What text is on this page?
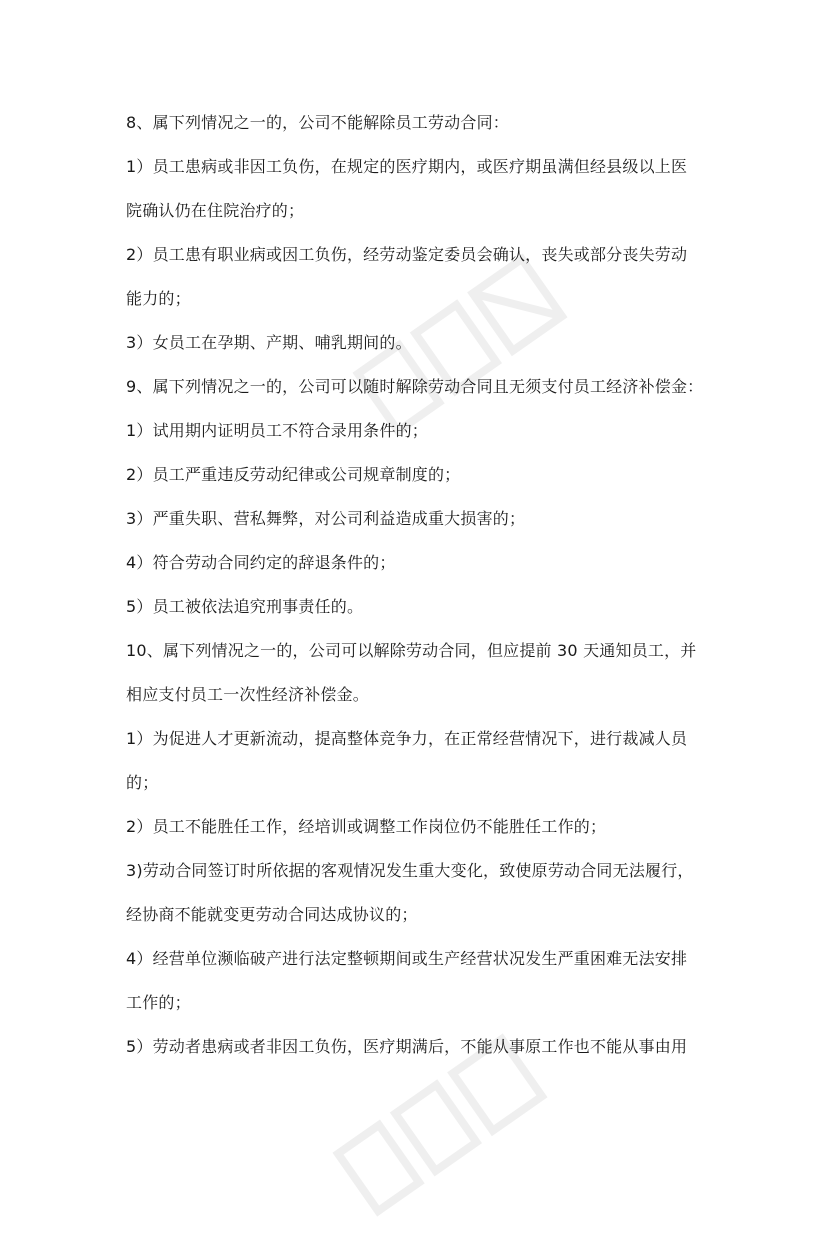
8、属下列情况之一的，公司不能解除员工劳动合同：
1）员工患病或非因工负伤，在规定的医疗期内，或医疗期虽满但经县级以上医
院确认仍在住院治疗的；
2）员工患有职业病或因工负伤，经劳动鉴定委员会确认，丧失或部分丧失劳动
能力的；
3）女员工在孕期、产期、哺乳期间的。
9、属下列情况之一的，公司可以随时解除劳动合同且无须支付员工经济补偿金：
1）试用期内证明员工不符合录用条件的；
2）员工严重违反劳动纪律或公司规章制度的；
3）严重失职、营私舞弊，对公司利益造成重大损害的；
4）符合劳动合同约定的辞退条件的；
5）员工被依法追究刑事责任的。
10、属下列情况之一的，公司可以解除劳动合同，但应提前 30 天通知员工，并
相应支付员工一次性经济补偿金。
1）为促进人才更新流动，提高整体竞争力，在正常经营情况下，进行裁减人员
的；
2）员工不能胜任工作，经培训或调整工作岗位仍不能胜任工作的；
3)劳动合同签订时所依据的客观情况发生重大变化，致使原劳动合同无法履行，
经协商不能就变更劳动合同达成协议的；
4）经营单位濒临破产进行法定整顿期间或生产经营状况发生严重困难无法安排
工作的；
5）劳动者患病或者非因工负伤，医疗期满后，不能从事原工作也不能从事由用
